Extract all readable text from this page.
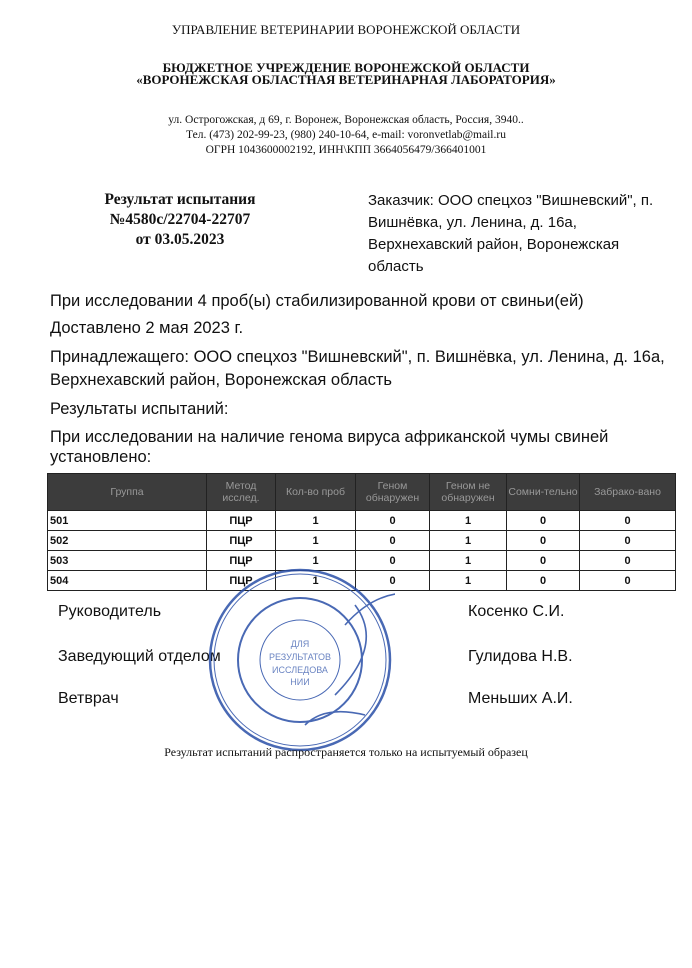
УПРАВЛЕНИЕ ВЕТЕРИНАРИИ ВОРОНЕЖСКОЙ ОБЛАСТИ
БЮДЖЕТНОЕ УЧРЕЖДЕНИЕ ВОРОНЕЖСКОЙ ОБЛАСТИ
«ВОРОНЕЖСКАЯ ОБЛАСТНАЯ ВЕТЕРИНАРНАЯ ЛАБОРАТОРИЯ»
ул. Острогожская, д 69, г. Воронеж, Воронежская область, Россия, 3940..
Тел. (473) 202-99-23, (980) 240-10-64, e-mail: voronvetlab@mail.ru
ОГРН 1043600002192, ИНН\КПП 3664056479/366401001
Результат испытания
№4580с/22704-22707
от 03.05.2023
Заказчик: ООО спецхоз "Вишневский", п. Вишнёвка, ул. Ленина, д. 16а, Верхнехавский район, Воронежская область
При исследовании 4 проб(ы) стабилизированной крови от свиньи(ей)
Доставлено 2 мая 2023 г.
Принадлежащего: ООО спецхоз "Вишневский", п. Вишнёвка, ул. Ленина, д. 16а, Верхнехавский район, Воронежская область
Результаты испытаний:
При исследовании на наличие генома вируса африканской чумы свиней установлено:
Группа	Метод исслед.	Кол-во проб	Геном обнаружен	Геном не обнаружен	Сомни-тельно	Забрако-вано
501	ПЦР	1	0	1	0	0
502	ПЦР	1	0	1	0	0
503	ПЦР	1	0	1	0	0
504	ПЦР	1	0	1	0	0
Руководитель	Косенко С.И.
Заведующий отделом	Гулидова Н.В.
Ветврач	Меньших А.И.
ДЛЯ
РЕЗУЛЬТАТОВ
ИССЛЕДОВА
НИИ
Результат испытаний распространяется только на испытуемый образец
